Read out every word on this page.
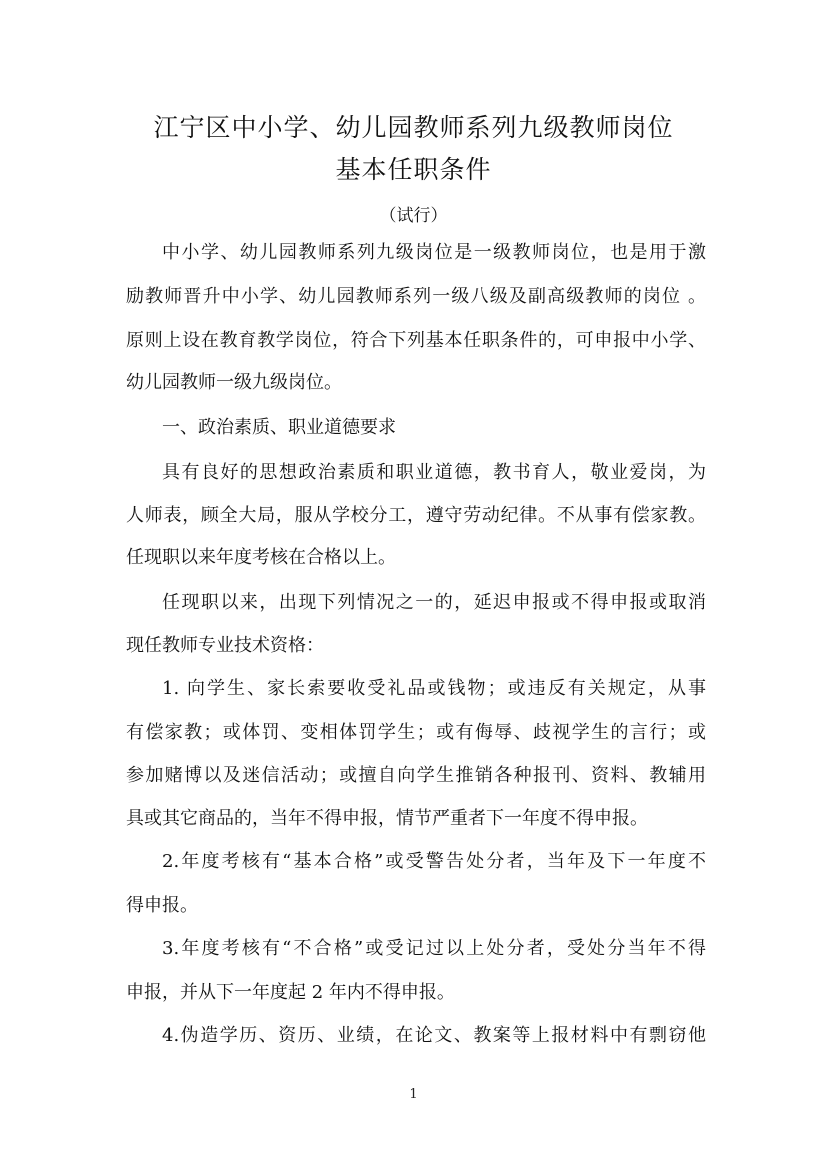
江宁区中小学、幼儿园教师系列九级教师岗位
基本任职条件
（试行）
中小学、幼儿园教师系列九级岗位是一级教师岗位，也是用于激
励教师晋升中小学、幼儿园教师系列一级八级及副高级教师的岗位 。
原则上设在教育教学岗位，符合下列基本任职条件的，可申报中小学、
幼儿园教师一级九级岗位。
一、政治素质、职业道德要求
具有良好的思想政治素质和职业道德，教书育人，敬业爱岗，为
人师表，顾全大局，服从学校分工，遵守劳动纪律。不从事有偿家教。
任现职以来年度考核在合格以上。
任现职以来，出现下列情况之一的，延迟申报或不得申报或取消
现任教师专业技术资格：
1. 向学生、家长索要收受礼品或钱物；或违反有关规定，从事
有偿家教；或体罚、变相体罚学生；或有侮辱、歧视学生的言行；或
参加赌博以及迷信活动；或擅自向学生推销各种报刊、资料、教辅用
具或其它商品的，当年不得申报，情节严重者下一年度不得申报。
2.年度考核有“基本合格”或受警告处分者，当年及下一年度不
得申报。
3.年度考核有“不合格”或受记过以上处分者，受处分当年不得
申报，并从下一年度起 2 年内不得申报。
4.伪造学历、资历、业绩，在论文、教案等上报材料中有剽窃他
1
